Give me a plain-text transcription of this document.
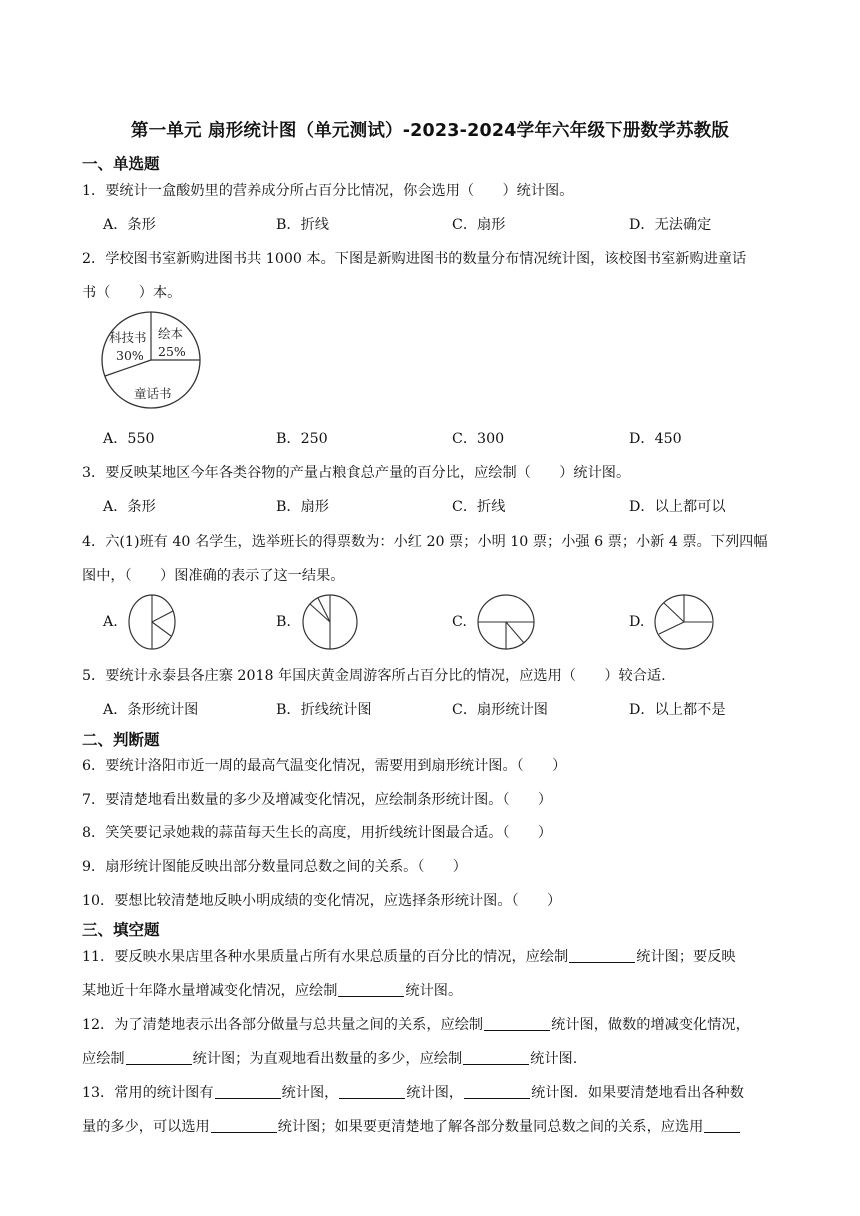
第一单元 扇形统计图（单元测试）-2023-2024学年六年级下册数学苏教版
一、单选题
1．要统计一盒酸奶里的营养成分所占百分比情况，你会选用（　　）统计图。
A．条形	B．折线	C．扇形	D．无法确定
2．学校图书室新购进图书共 1000 本。下图是新购进图书的数量分布情况统计图，该校图书室新购进童话
书（　　）本。
科技书
30%
绘本
25%
童话书
A．550	B．250	C．300	D．450
3．要反映某地区今年各类谷物的产量占粮食总产量的百分比，应绘制（　　）统计图。
A．条形	B．扇形	C．折线	D．以上都可以
4．六(1)班有 40 名学生，选举班长的得票数为：小红 20 票；小明 10 票；小强 6 票；小新 4 票。下列四幅
图中，（　　）图准确的表示了这一结果。
A.	B.	C.	D.
5．要统计永泰县各庄寨 2018 年国庆黄金周游客所占百分比的情况，应选用（　　）较合适.
A．条形统计图	B．折线统计图	C．扇形统计图	D．以上都不是
二、判断题
6．要统计洛阳市近一周的最高气温变化情况，需要用到扇形统计图。（　　）
7．要清楚地看出数量的多少及增减变化情况，应绘制条形统计图。（　　）
8．笑笑要记录她栽的蒜苗每天生长的高度，用折线统计图最合适。（　　）
9．扇形统计图能反映出部分数量同总数之间的关系。（　　）
10．要想比较清楚地反映小明成绩的变化情况，应选择条形统计图。（　　）
三、填空题
11．要反映水果店里各种水果质量占所有水果总质量的百分比的情况，应绘制	统计图；要反映
某地近十年降水量增减变化情况，应绘制	统计图。
12．为了清楚地表示出各部分做量与总共量之间的关系，应绘制	统计图，做数的增减变化情况，
应绘制	统计图；为直观地看出数量的多少，应绘制	统计图.
13．常用的统计图有	统计图，	统计图，	统计图．如果要清楚地看出各种数
量的多少，可以选用	统计图；如果要更清楚地了解各部分数量同总数之间的关系，应选用
